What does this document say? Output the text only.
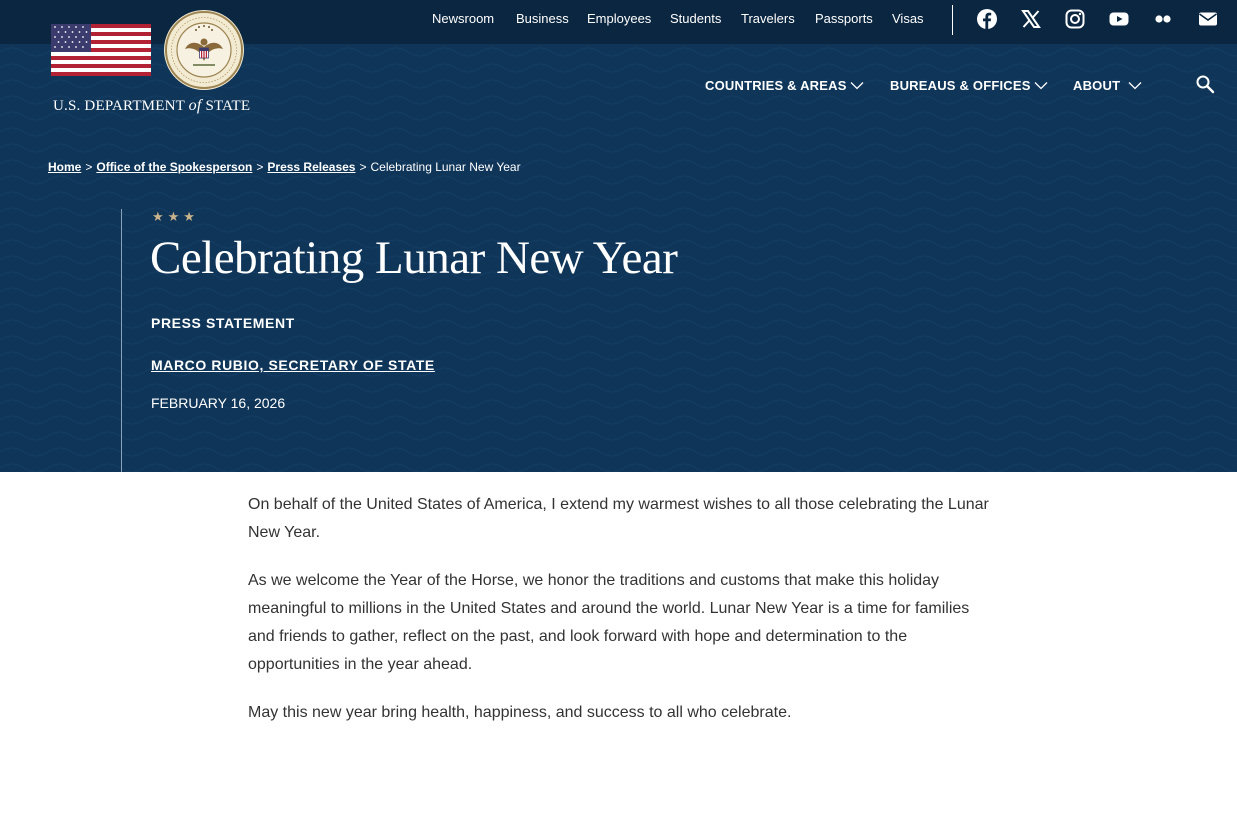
Newsroom Business Employees Students Travelers Passports Visas
U.S. DEPARTMENT of STATE
COUNTRIES & AREAS	BUREAUS & OFFICES	ABOUT
Home > Office of the Spokesperson > Press Releases > Celebrating Lunar New Year
★★★
Celebrating Lunar New Year
PRESS STATEMENT
MARCO RUBIO, SECRETARY OF STATE
FEBRUARY 16, 2026

On behalf of the United States of America, I extend my warmest wishes to all those celebrating the Lunar New Year.

As we welcome the Year of the Horse, we honor the traditions and customs that make this holiday meaningful to millions in the United States and around the world. Lunar New Year is a time for families and friends to gather, reflect on the past, and look forward with hope and determination to the opportunities in the year ahead.

May this new year bring health, happiness, and success to all who celebrate.
